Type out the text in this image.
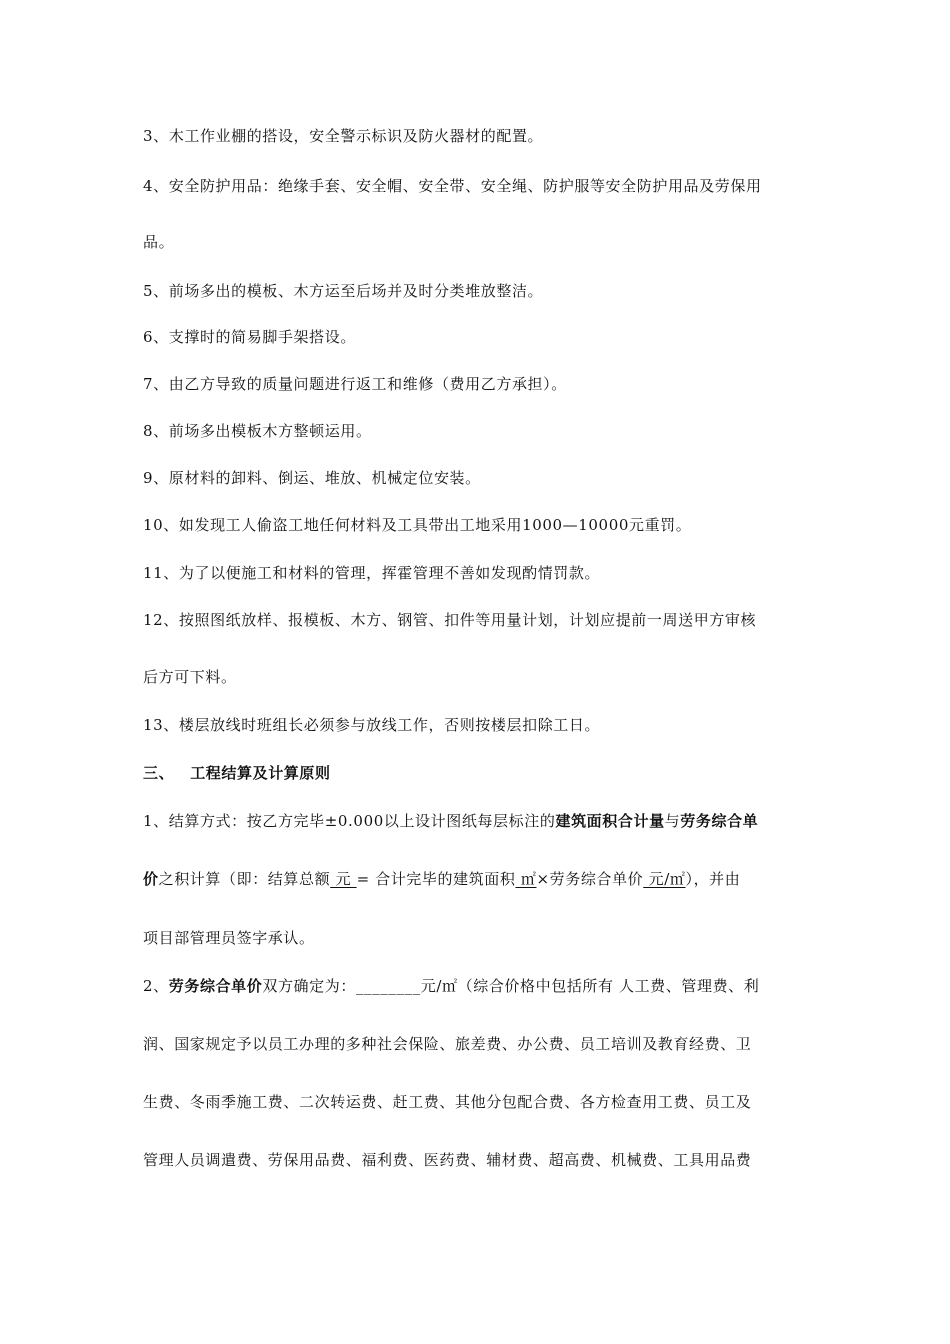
3、木工作业棚的搭设，安全警示标识及防火器材的配置。
4、安全防护用品：绝缘手套、安全帽、安全带、安全绳、防护服等安全防护用品及劳保用
品。
5、前场多出的模板、木方运至后场并及时分类堆放整洁。
6、支撑时的简易脚手架搭设。
7、由乙方导致的质量问题进行返工和维修（费用乙方承担）。
8、前场多出模板木方整顿运用。
9、原材料的卸料、倒运、堆放、机械定位安装。
10、如发现工人偷盗工地任何材料及工具带出工地采用1000—10000元重罚。
11、为了以便施工和材料的管理，挥霍管理不善如发现酌情罚款。
12、按照图纸放样、报模板、木方、钢管、扣件等用量计划，计划应提前一周送甲方审核
后方可下料。
13、楼层放线时班组长必须参与放线工作，否则按楼层扣除工日。
三、 工程结算及计算原则
1、结算方式：按乙方完毕±0.000以上设计图纸每层标注的建筑面积合计量与劳务综合单
价之积计算（即：结算总额 元 = 合计完毕的建筑面积 ㎡×劳务综合单价 元/㎡），并由
项目部管理员签字承认。
2、劳务综合单价双方确定为：________元/㎡（综合价格中包括所有 人工费、管理费、利
润、国家规定予以员工办理的多种社会保险、旅差费、办公费、员工培训及教育经费、卫
生费、冬雨季施工费、二次转运费、赶工费、其他分包配合费、各方检查用工费、员工及
管理人员调遣费、劳保用品费、福利费、医药费、辅材费、超高费、机械费、工具用品费
